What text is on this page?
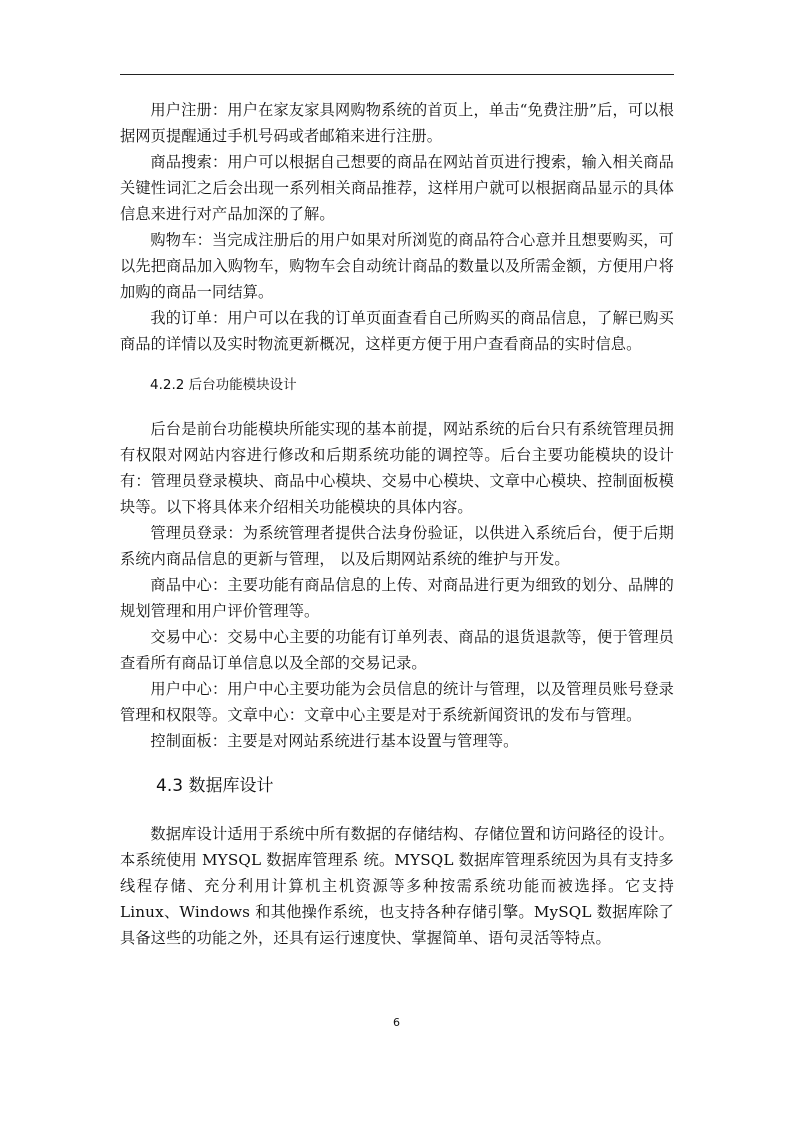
用户注册：用户在家友家具网购物系统的首页上，单击“免费注册”后，可以根据网页提醒通过手机号码或者邮箱来进行注册。

商品搜索：用户可以根据自己想要的商品在网站首页进行搜索，输入相关商品关键性词汇之后会出现一系列相关商品推荐，这样用户就可以根据商品显示的具体信息来进行对产品加深的了解。

购物车：当完成注册后的用户如果对所浏览的商品符合心意并且想要购买，可以先把商品加入购物车，购物车会自动统计商品的数量以及所需金额，方便用户将加购的商品一同结算。

我的订单：用户可以在我的订单页面查看自己所购买的商品信息，了解已购买商品的详情以及实时物流更新概况，这样更方便于用户查看商品的实时信息。

4.2.2 后台功能模块设计

后台是前台功能模块所能实现的基本前提，网站系统的后台只有系统管理员拥有权限对网站内容进行修改和后期系统功能的调控等。后台主要功能模块的设计有：管理员登录模块、商品中心模块、交易中心模块、文章中心模块、控制面板模块等。以下将具体来介绍相关功能模块的具体内容。

管理员登录：为系统管理者提供合法身份验证，以供进入系统后台，便于后期系统内商品信息的更新与管理， 以及后期网站系统的维护与开发。

商品中心：主要功能有商品信息的上传、对商品进行更为细致的划分、品牌的规划管理和用户评价管理等。

交易中心：交易中心主要的功能有订单列表、商品的退货退款等，便于管理员查看所有商品订单信息以及全部的交易记录。

用户中心：用户中心主要功能为会员信息的统计与管理，以及管理员账号登录管理和权限等。文章中心：文章中心主要是对于系统新闻资讯的发布与管理。

控制面板：主要是对网站系统进行基本设置与管理等。

4.3 数据库设计

数据库设计适用于系统中所有数据的存储结构、存储位置和访问路径的设计。本系统使用 MYSQL 数据库管理系 统。MYSQL 数据库管理系统因为具有支持多线程存储、充分利用计算机主机资源等多种按需系统功能而被选择。它支持 Linux、Windows 和其他操作系统，也支持各种存储引擎。MySQL 数据库除了具备这些的功能之外，还具有运行速度快、掌握简单、语句灵活等特点。

6
